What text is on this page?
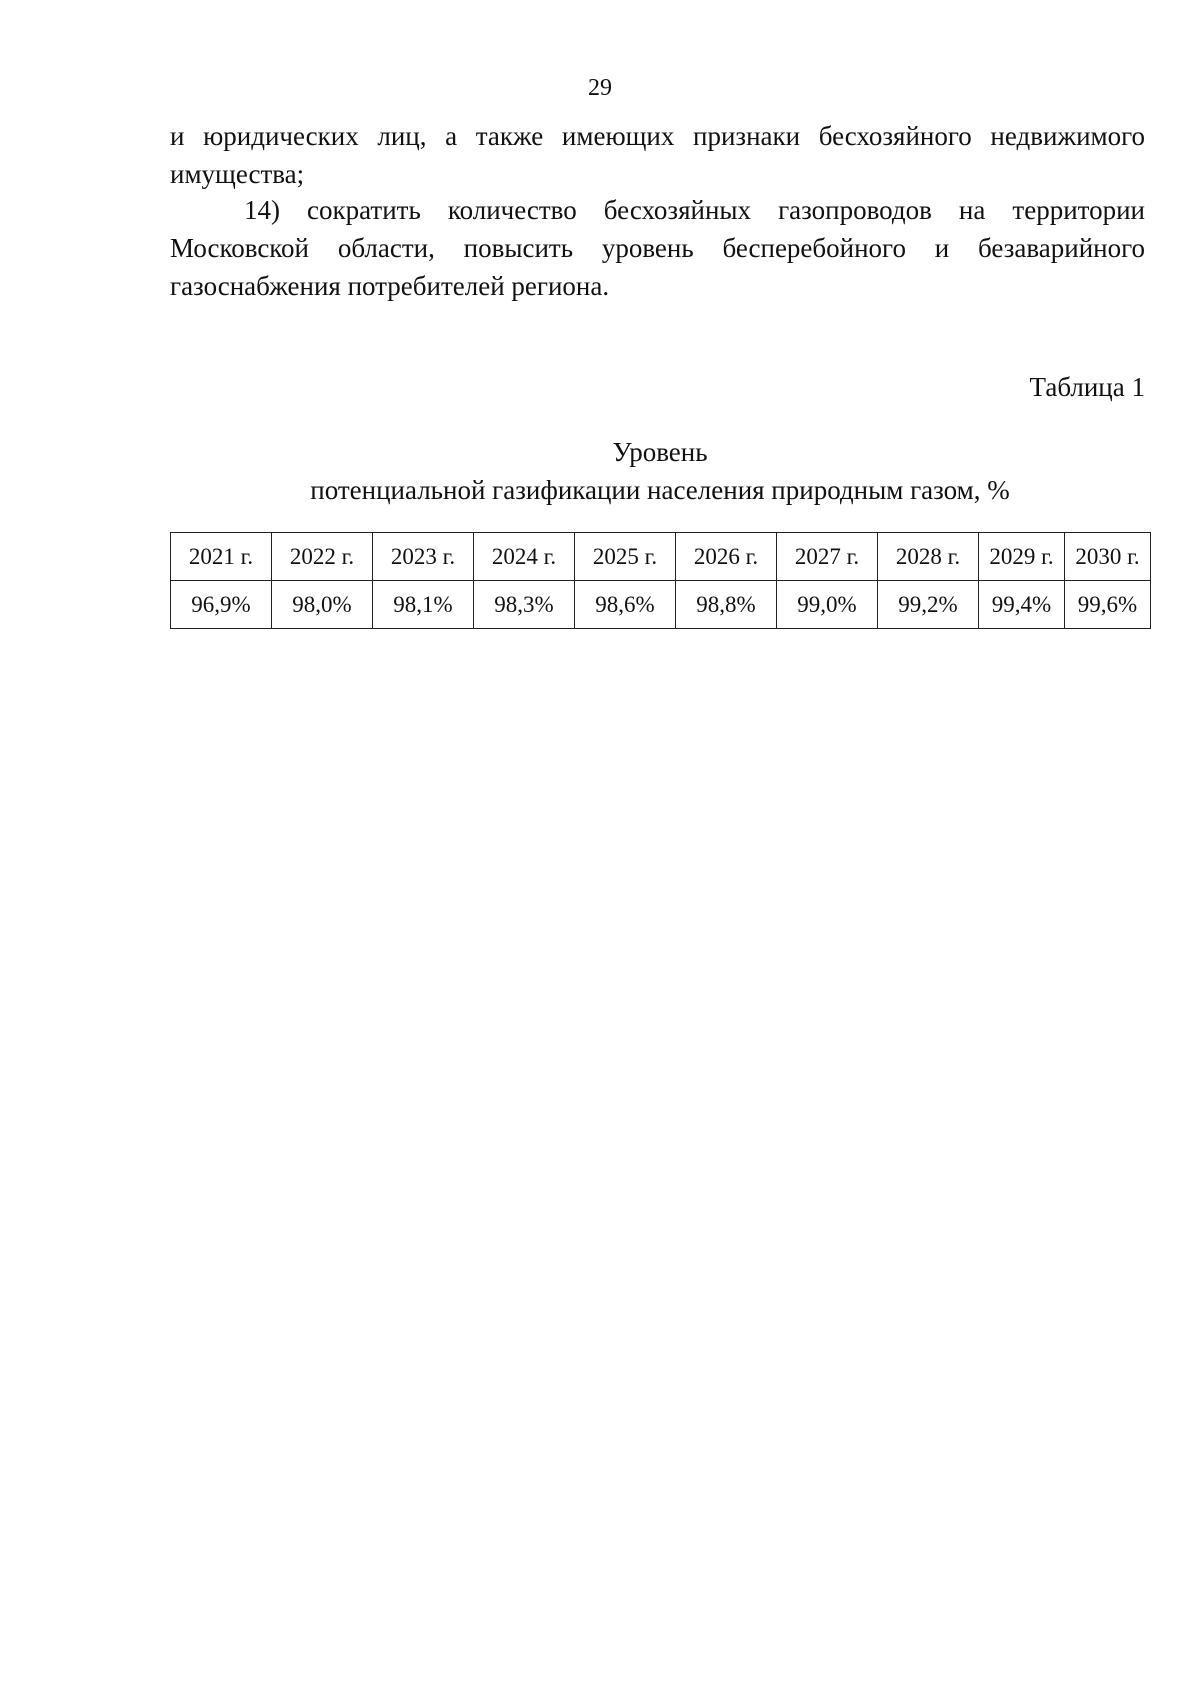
29

и юридических лиц, а также имеющих признаки бесхозяйного недвижимого имущества;

14) сократить количество бесхозяйных газопроводов на территории Московской области, повысить уровень бесперебойного и безаварийного газоснабжения потребителей региона.

Таблица 1
Уровень
потенциальной газификации населения природным газом, %
2021 г.	2022 г.	2023 г.	2024 г.	2025 г.	2026 г.	2027 г.	2028 г.	2029 г.	2030 г.
96,9%	98,0%	98,1%	98,3%	98,6%	98,8%	99,0%	99,2%	99,4%	99,6%
